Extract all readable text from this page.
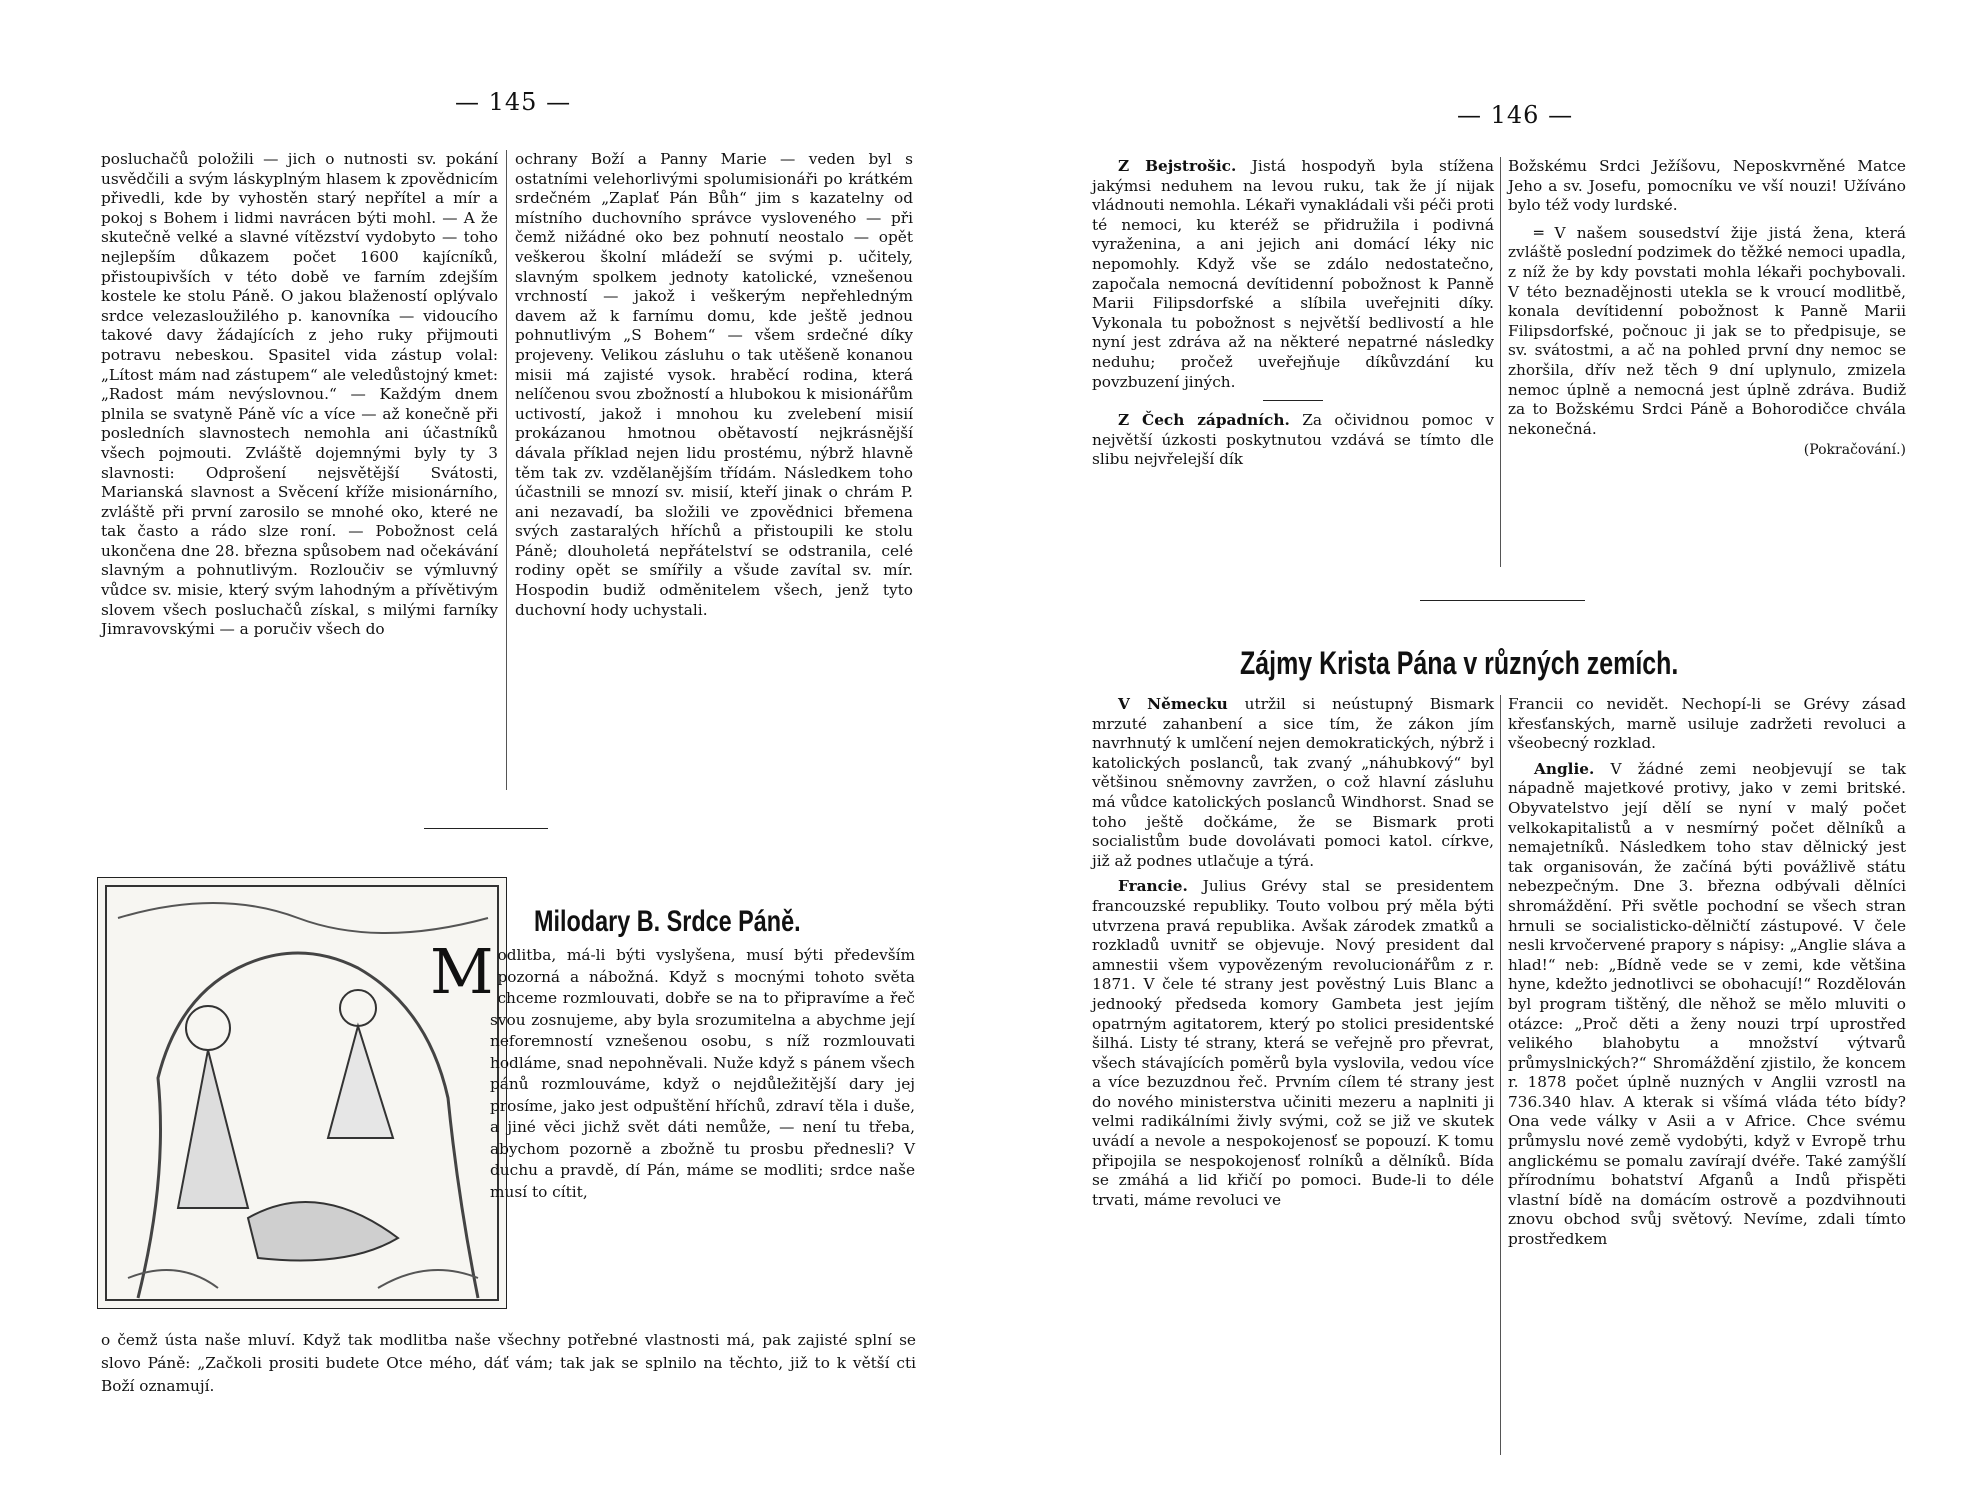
— 145 —

posluchačů položili — jich o nutnosti sv. pokání usvědčili a svým láskyplným hlasem k zpovědnicím přivedli, kde by vyhostěn starý nepřítel a mír a pokoj s Bohem i lidmi navrácen býti mohl. — A že skutečně velké a slavné vítězství vydobyto — toho nejlepším důkazem počet 1600 kajícníků, přistoupivších v této době ve farním zdejším kostele ke stolu Páně. O jakou blažeností oplývalo srdce velezasloužilého p. kanovníka — vidoucího takové davy žádajících z jeho ruky přijmouti potravu nebeskou. Spasitel vida zástup volal: „Lítost mám nad zástupem“ ale veledůstojný kmet: „Radost mám nevýslovnou.“ — Každým dnem plnila se svatyně Páně víc a více — až konečně při posledních slavnostech nemohla ani účastníků všech pojmouti. Zvláště dojemnými byly ty 3 slavnosti: Odprošení nejsvětější Svátosti, Marianská slavnost a Svěcení kříže misionárního, zvláště při první zarosilo se mnohé oko, které ne tak často a rádo slze roní. — Pobožnost celá ukončena dne 28. března spůsobem nad očekávání slavným a pohnutlivým. Rozloučiv se výmluvný vůdce sv. misie, který svým lahodným a přívětivým slovem všech posluchačů získal, s milými farníky Jimravovskými — a poručiv všech do

ochrany Boží a Panny Marie — veden byl s ostatními velehorlivými spolumisionáři po krátkém srdečném „Zaplať Pán Bůh“ jim s kazatelny od místního duchovního správce vysloveného — při čemž nižádné oko bez pohnutí neostalo — opět veškerou školní mládeží se svými p. učitely, slavným spolkem jednoty katolické, vznešenou vrchností — jakož i veškerým nepřehledným davem až k farnímu domu, kde ještě jednou pohnutlivým „S Bohem“ — všem srdečné díky projeveny. Velikou zásluhu o tak utěšeně konanou misii má zajisté vysok. hraběcí rodina, která nelíčenou svou zbožností a hlubokou k misionářům uctivostí, jakož i mnohou ku zvelebení misií prokázanou hmotnou obětavostí nejkrásnější dávala příklad nejen lidu prostému, nýbrž hlavně těm tak zv. vzdělanějším třídám. Následkem toho účastnili se mnozí sv. misií, kteří jinak o chrám P. ani nezavadí, ba složili ve zpovědnici břemena svých zastaralých hříchů a přistoupili ke stolu Páně; dlouholetá nepřátelství se odstranila, celé rodiny opět se smířily a všude zavítal sv. mír. Hospodin budiž odměnitelem všech, jenž tyto duchovní hody uchystali.

Milodary B. Srdce Páně.
M odlitba, má-li býti vyslyšena, musí býti především pozorná a nábožná. Když s mocnými tohoto světa chceme rozmlouvati, dobře se na to připravíme a řeč svou zosnujeme, aby byla srozumitelna a abychme její neforemností vznešenou osobu, s níž rozmlouvati hodláme, snad nepohněvali. Nuže když s pánem všech pánů rozmlouváme, když o nejdůležitější dary jej prosíme, jako jest odpuštění hříchů, zdraví těla i duše, a jiné věci jichž svět dáti nemůže, — není tu třeba, abychom pozorně a zbožně tu prosbu přednesli? V duchu a pravdě, dí Pán, máme se modliti; srdce naše musí to cítit,

o čemž ústa naše mluví. Když tak modlitba naše všechny potřebné vlastnosti má, pak zajisté splní se slovo Páně: „Začkoli prositi budete Otce mého, dáť vám; tak jak se splnilo na těchto, již to k větší cti Boží oznamují.

— 146 —

Z Bejstrošic. Jistá hospodyň byla stížena jakýmsi neduhem na levou ruku, tak že jí nijak vládnouti nemohla. Lékaři vynakládali vši péči proti té nemoci, ku kteréž se přidružila i podivná vyraženina, a ani jejich ani domácí léky nic nepomohly. Když vše se zdálo nedostatečno, započala nemocná devítidenní pobožnost k Panně Marii Filipsdorfské a slíbila uveřejniti díky. Vykonala tu pobožnost s největší bedlivostí a hle nyní jest zdráva až na některé nepatrné následky neduhu; pročež uveřejňuje díkůvzdání ku povzbuzení jiných.

Z Čech západních. Za očividnou pomoc v největší úzkosti poskytnutou vzdává se tímto dle slibu nejvřelejší dík

Božskému Srdci Ježíšovu, Neposkvrněné Matce Jeho a sv. Josefu, pomocníku ve vší nouzi! Užíváno bylo též vody lurdské.

═ V našem sousedství žije jistá žena, která zvláště poslední podzimek do těžké nemoci upadla, z níž že by kdy povstati mohla lékaři pochybovali. V této beznadějnosti utekla se k vroucí modlitbě, konala devítidenní pobožnost k Panně Marii Filipsdorfské, počnouc ji jak se to předpisuje, se sv. svátostmi, a ač na pohled první dny nemoc se zhoršila, dřív než těch 9 dní uplynulo, zmizela nemoc úplně a nemocná jest úplně zdráva. Budiž za to Božskému Srdci Páně a Bohorodičce chvála nekonečná.

(Pokračování.)

Zájmy Krista Pána v různých zemích.

V Německu utržil si neústupný Bismark mrzuté zahanbení a sice tím, že zákon jím navrhnutý k umlčení nejen demokratických, nýbrž i katolických poslanců, tak zvaný „náhubkový“ byl většinou sněmovny zavržen, o což hlavní zásluhu má vůdce katolických poslanců Windhorst. Snad se toho ještě dočkáme, že se Bismark proti socialistům bude dovolávati pomoci katol. církve, již až podnes utlačuje a týrá.

Francie. Julius Grévy stal se presidentem francouzské republiky. Touto volbou prý měla býti utvrzena pravá republika. Avšak zárodek zmatků a rozkladů uvnitř se objevuje. Nový president dal amnestii všem vypovězeným revolucionářům z r. 1871. V čele té strany jest pověstný Luis Blanc a jednooký předseda komory Gambeta jest jejím opatrným agitatorem, který po stolici presidentské šilhá. Listy té strany, která se veřejně pro převrat, všech stávajících poměrů byla vyslovila, vedou více a více bezuzdnou řeč. Prvním cílem té strany jest do nového ministerstva učiniti mezeru a naplniti ji velmi radikálními živly svými, což se již ve skutek uvádí a nevole a nespokojenosť se popouzí. K tomu připojila se nespokojenosť rolníků a dělníků. Bída se zmáhá a lid křičí po pomoci. Bude-li to déle trvati, máme revoluci ve

Francii co nevidět. Nechopí-li se Grévy zásad křesťanských, marně usiluje zadržeti revoluci a všeobecný rozklad.

Anglie. V žádné zemi neobjevují se tak nápadně majetkové protivy, jako v zemi britské. Obyvatelstvo její dělí se nyní v malý počet velkokapitalistů a v nesmírný počet dělníků a nemajetníků. Následkem toho stav dělnický jest tak organisován, že začíná býti povážlivě státu nebezpečným. Dne 3. března odbývali dělníci shromáždění. Při světle pochodní se všech stran hrnuli se socialisticko-dělničtí zástupové. V čele nesli krvočervené prapory s nápisy: „Anglie sláva a hlad!“ neb: „Bídně vede se v zemi, kde většina hyne, kdežto jednotlivci se obohacují!“ Rozdělován byl program tištěný, dle něhož se mělo mluviti o otázce: „Proč děti a ženy nouzi trpí uprostřed velikého blahobytu a množství výtvarů průmyslnických?“ Shromáždění zjistilo, že koncem r. 1878 počet úplně nuzných v Anglii vzrostl na 736.340 hlav. A kterak si všímá vláda této bídy? Ona vede války v Asii a v Africe. Chce svému průmyslu nové země vydobýti, když v Evropě trhu anglickému se pomalu zavírají dvéře. Také zamýšlí přírodnímu bohatství Afganů a Indů přispěti vlastní bídě na domácím ostrově a pozdvihnouti znovu obchod svůj světový. Nevíme, zdali tímto prostředkem
